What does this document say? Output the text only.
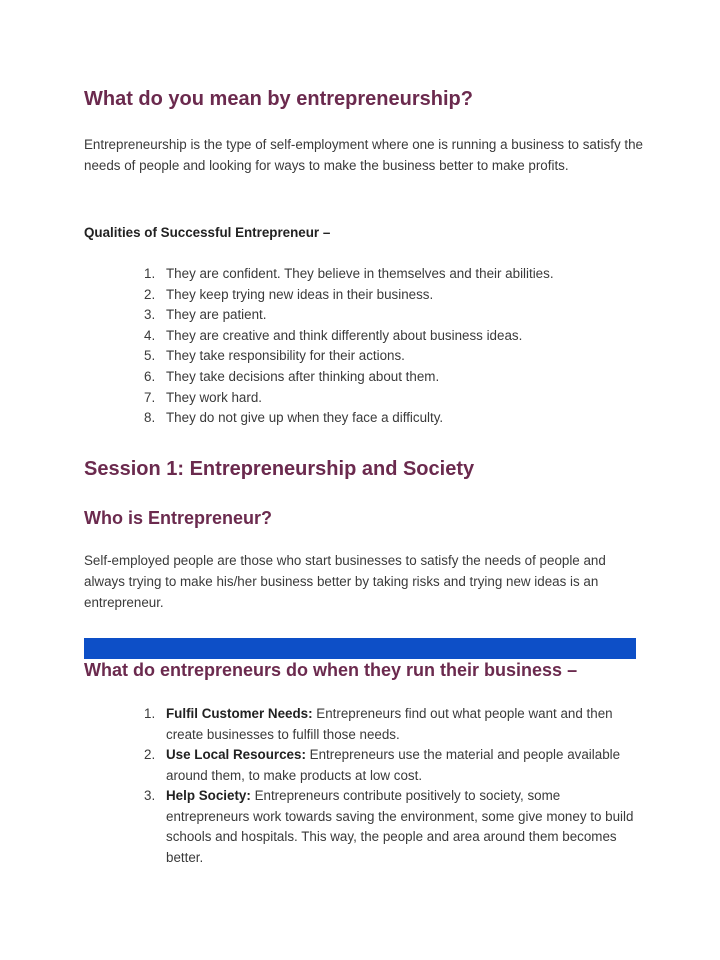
What do you mean by entrepreneurship?

Entrepreneurship is the type of self-employment where one is running a business to satisfy the needs of people and looking for ways to make the business better to make profits.

Qualities of Successful Entrepreneur –

1. They are confident. They believe in themselves and their abilities.
2. They keep trying new ideas in their business.
3. They are patient.
4. They are creative and think differently about business ideas.
5. They take responsibility for their actions.
6. They take decisions after thinking about them.
7. They work hard.
8. They do not give up when they face a difficulty.
Session 1: Entrepreneurship and Society
Who is Entrepreneur?

Self-employed people are those who start businesses to satisfy the needs of people and always trying to make his/her business better by taking risks and trying new ideas is an entrepreneur.

What do entrepreneurs do when they run their business –
1. Fulfil Customer Needs: Entrepreneurs find out what people want and then create businesses to fulfill those needs.
2. Use Local Resources: Entrepreneurs use the material and people available around them, to make products at low cost.
3. Help Society: Entrepreneurs contribute positively to society, some entrepreneurs work towards saving the environment, some give money to build schools and hospitals. This way, the people and area around them becomes better.
